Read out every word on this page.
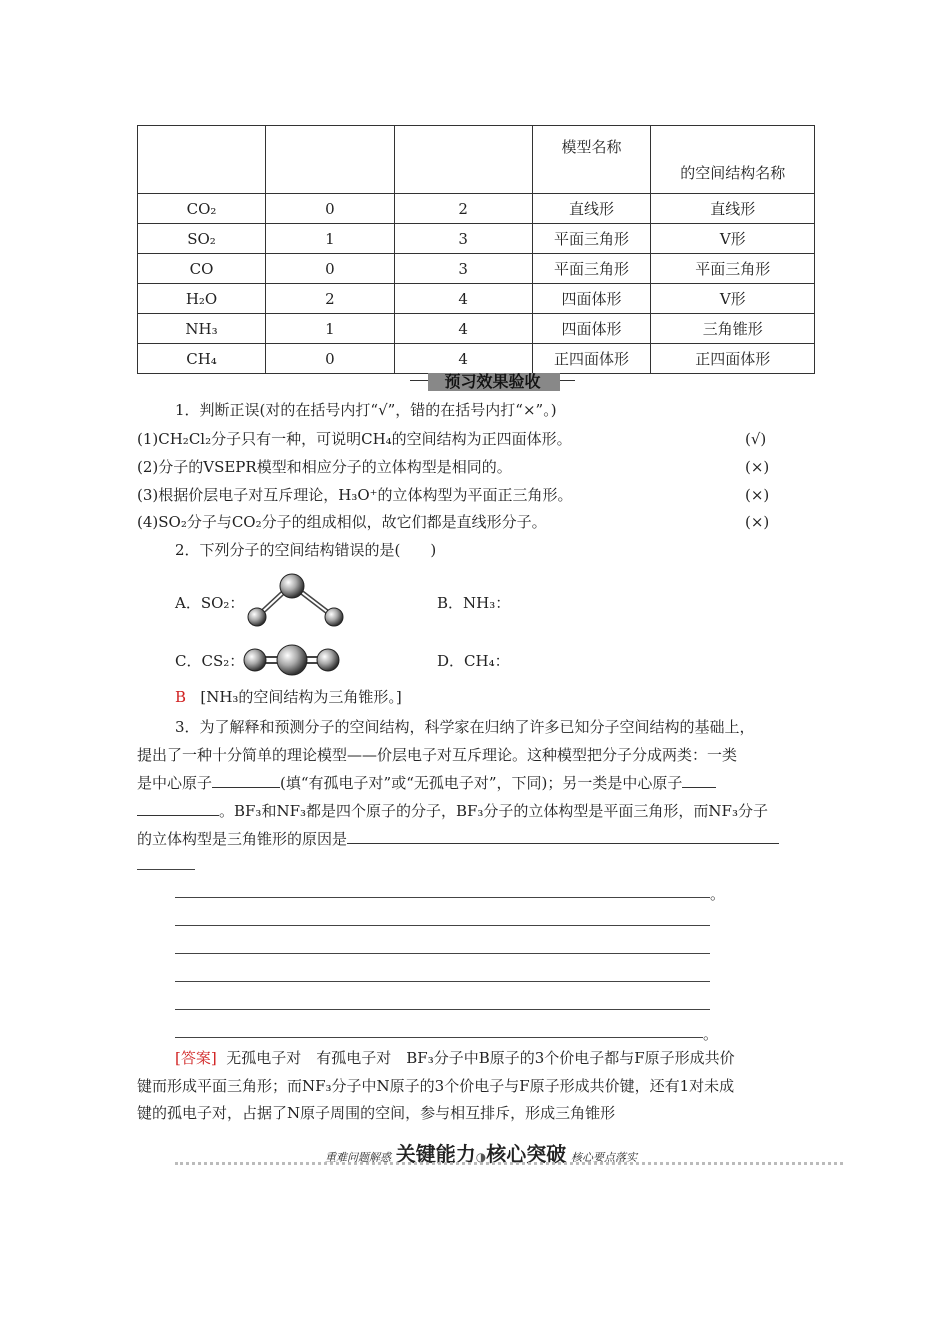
			模型名称	的空间结构名称
CO₂	0	2	直线形	直线形
SO₂	1	3	平面三角形	V形
CO	0	3	平面三角形	平面三角形
H₂O	2	4	四面体形	V形
NH₃	1	4	四面体形	三角锥形
CH₄	0	4	正四面体形	正四面体形
预习效果验收
1．判断正误(对的在括号内打“√”，错的在括号内打“×”。)
(1)CH₂Cl₂分子只有一种，可说明CH₄的空间结构为正四面体形。	(√)
(2)分子的VSEPR模型和相应分子的立体构型是相同的。	(×)
(3)根据价层电子对互斥理论，H₃O⁺的立体构型为平面正三角形。	(×)
(4)SO₂分子与CO₂分子的组成相似，故它们都是直线形分子。	(×)
2．下列分子的空间结构错误的是(　　)
A．SO₂：	B．NH₃：
C．CS₂：	D．CH₄：
B [NH₃的空间结构为三角锥形。]
3．为了解释和预测分子的空间结构，科学家在归纳了许多已知分子空间结构的基础上，
提出了一种十分简单的理论模型——价层电子对互斥理论。这种模型把分子分成两类：一类
是中心原子	(填“有孤电子对”或“无孤电子对”，下同)；另一类是中心原子
。BF₃和NF₃都是四个原子的分子，BF₃分子的立体构型是平面三角形，而NF₃分子
的立体构型是三角锥形的原因是
。
。
[答案] 无孤电子对　有孤电子对　BF₃分子中B原子的3个价电子都与F原子形成共价
键而形成平面三角形；而NF₃分子中N原子的3个价电子与F原子形成共价键，还有1对未成
键的孤电子对，占据了N原子周围的空间，参与相互排斥，形成三角锥形
重难问题解惑 关键能力◑核心突破 核心要点落实
